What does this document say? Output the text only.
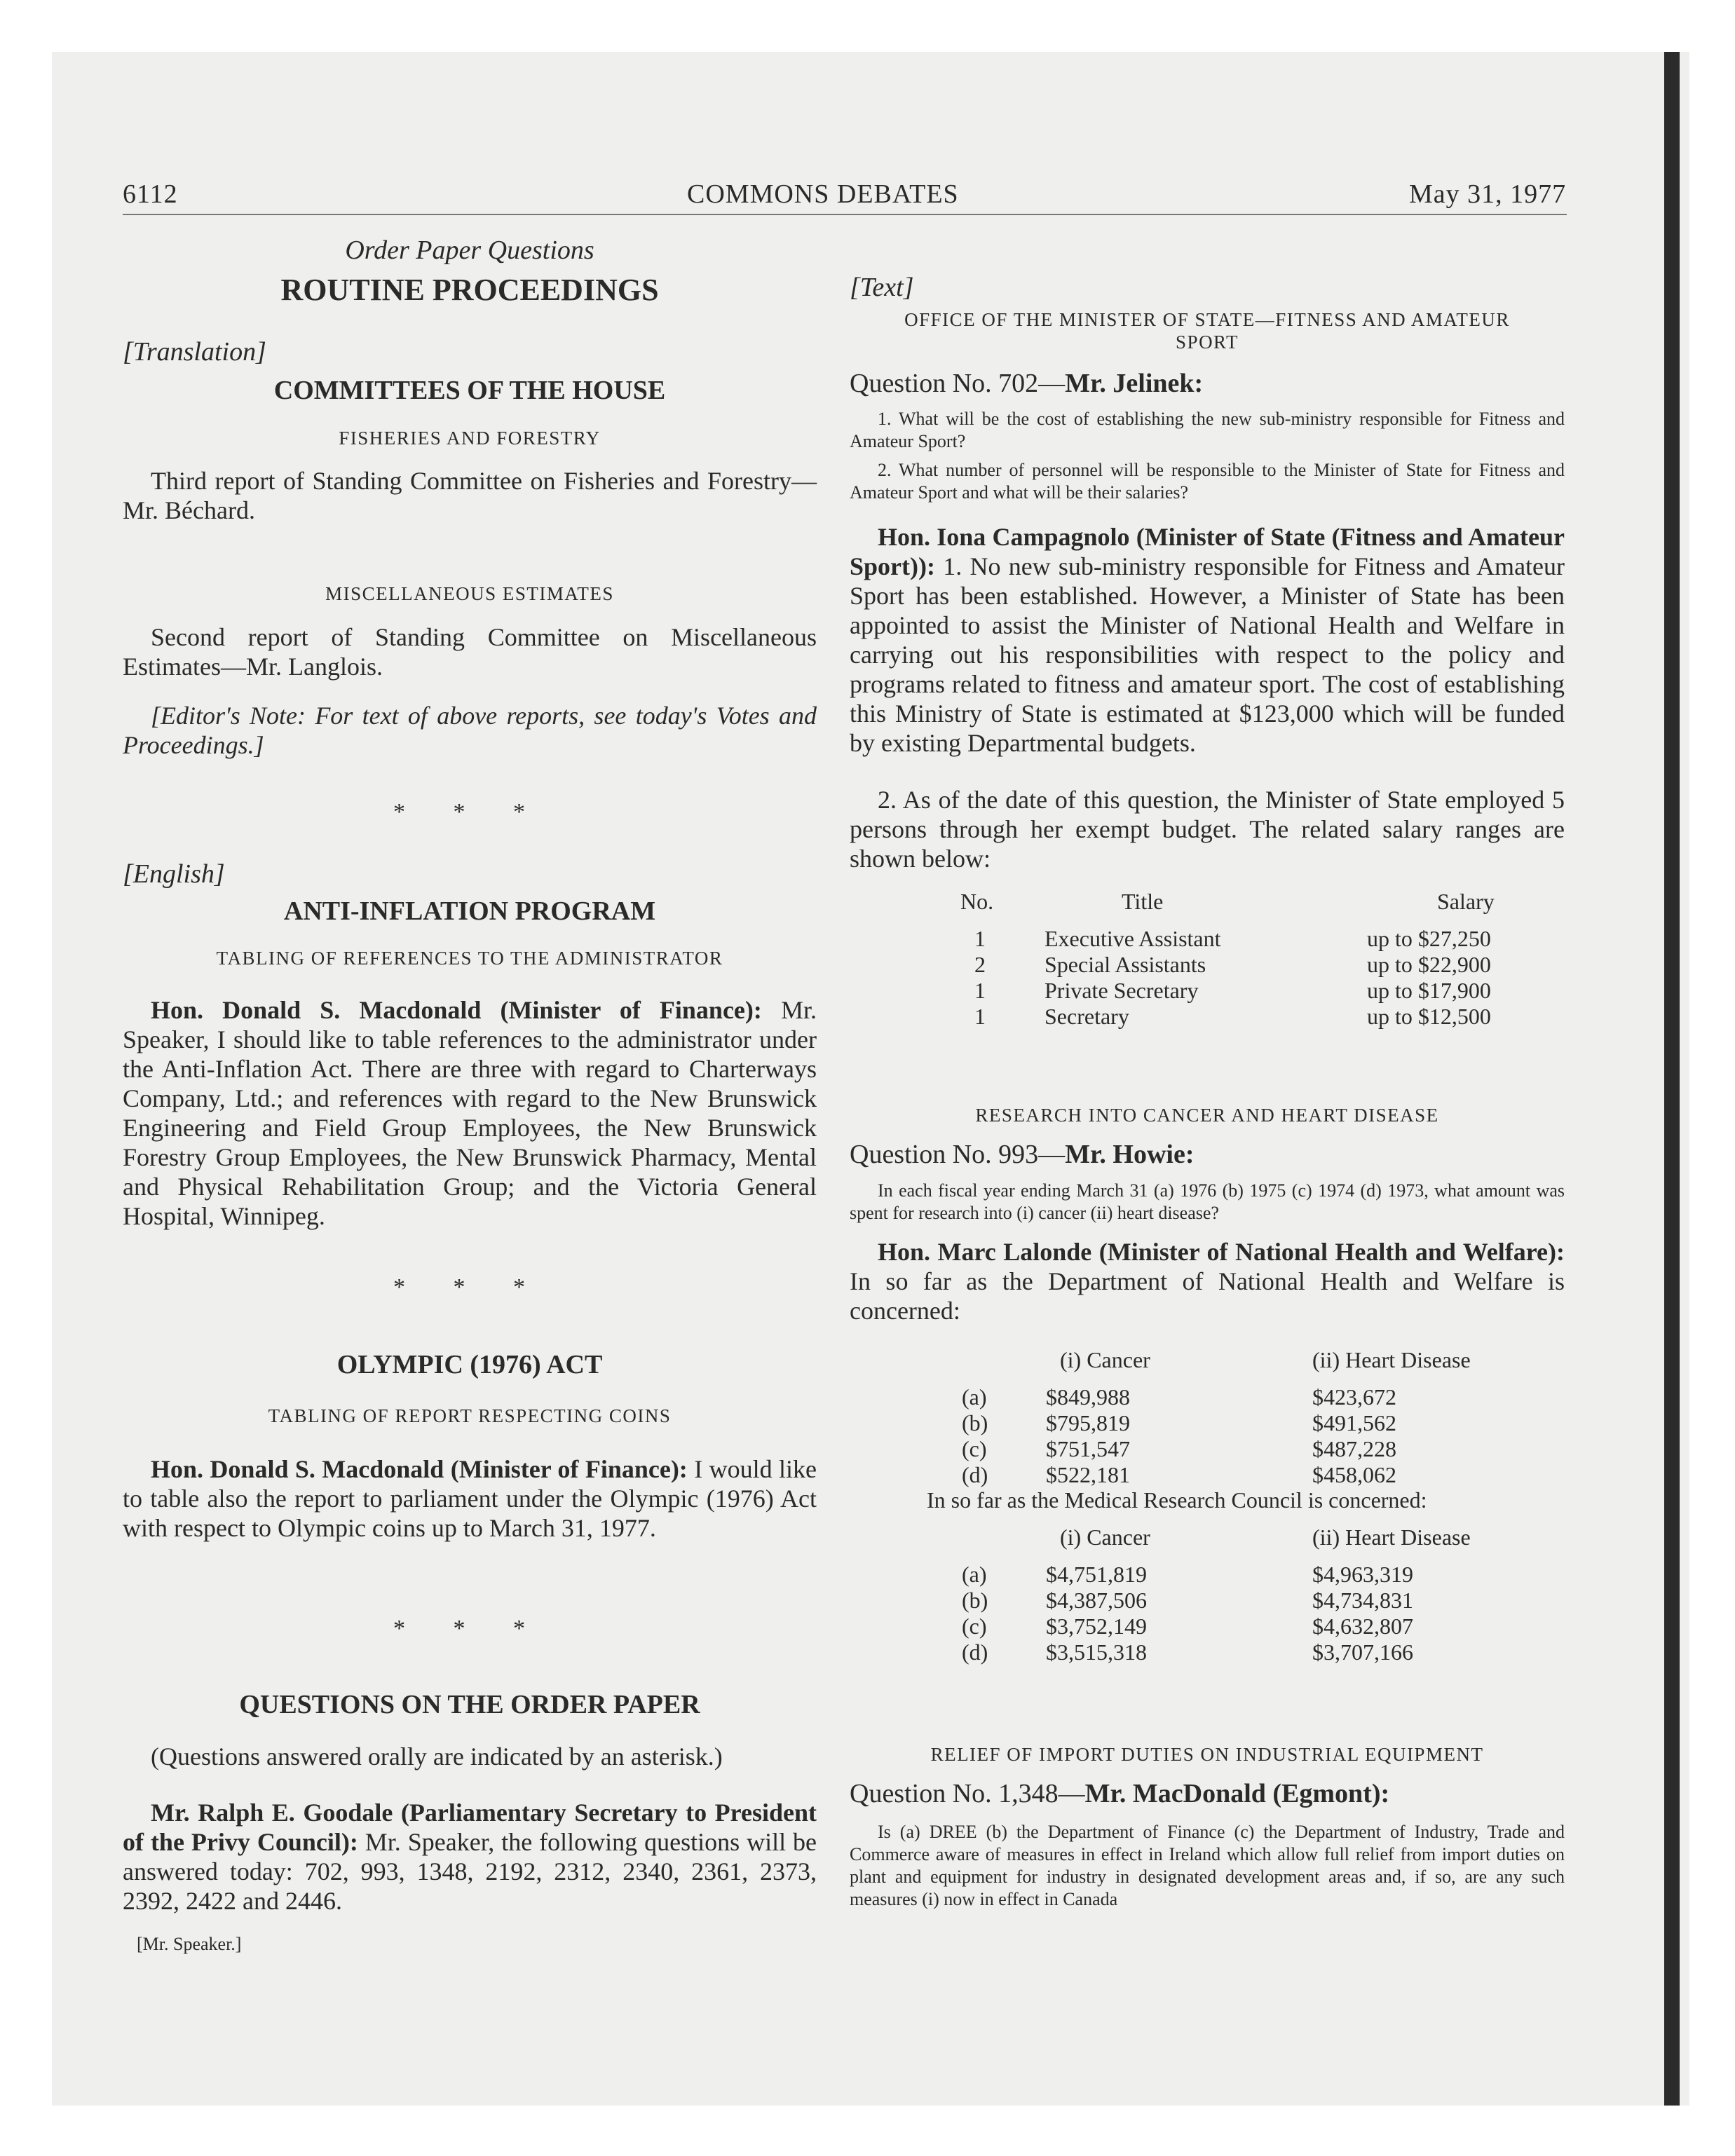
6112	COMMONS DEBATES	May 31, 1977
Order Paper Questions
ROUTINE PROCEEDINGS
[Translation]
COMMITTEES OF THE HOUSE
FISHERIES AND FORESTRY
Third report of Standing Committee on Fisheries and Forestry—Mr. Béchard.
MISCELLANEOUS ESTIMATES
Second report of Standing Committee on Miscellaneous Estimates—Mr. Langlois.
[Editor's Note: For text of above reports, see today's Votes and Proceedings.]
* * *
[English]
ANTI-INFLATION PROGRAM
TABLING OF REFERENCES TO THE ADMINISTRATOR
Hon. Donald S. Macdonald (Minister of Finance): Mr. Speaker, I should like to table references to the administrator under the Anti-Inflation Act. There are three with regard to Charterways Company, Ltd.; and references with regard to the New Brunswick Engineering and Field Group Employees, the New Brunswick Forestry Group Employees, the New Brunswick Pharmacy, Mental and Physical Rehabilitation Group; and the Victoria General Hospital, Winnipeg.
* * *
OLYMPIC (1976) ACT
TABLING OF REPORT RESPECTING COINS
Hon. Donald S. Macdonald (Minister of Finance): I would like to table also the report to parliament under the Olympic (1976) Act with respect to Olympic coins up to March 31, 1977.
* * *
QUESTIONS ON THE ORDER PAPER
(Questions answered orally are indicated by an asterisk.)
Mr. Ralph E. Goodale (Parliamentary Secretary to President of the Privy Council): Mr. Speaker, the following questions will be answered today: 702, 993, 1348, 2192, 2312, 2340, 2361, 2373, 2392, 2422 and 2446.
[Mr. Speaker.]
[Text]
OFFICE OF THE MINISTER OF STATE—FITNESS AND AMATEUR SPORT
Question No. 702—Mr. Jelinek:
1. What will be the cost of establishing the new sub-ministry responsible for Fitness and Amateur Sport?
2. What number of personnel will be responsible to the Minister of State for Fitness and Amateur Sport and what will be their salaries?
Hon. Iona Campagnolo (Minister of State (Fitness and Amateur Sport)): 1. No new sub-ministry responsible for Fitness and Amateur Sport has been established. However, a Minister of State has been appointed to assist the Minister of National Health and Welfare in carrying out his responsibilities with respect to the policy and programs related to fitness and amateur sport. The cost of establishing this Ministry of State is estimated at $123,000 which will be funded by existing Departmental budgets.
2. As of the date of this question, the Minister of State employed 5 persons through her exempt budget. The related salary ranges are shown below:
No.	Title	Salary

1	Executive Assistant	up to $27,250
2	Special Assistants	up to $22,900
1	Private Secretary	up to $17,900
1	Secretary	up to $12,500
RESEARCH INTO CANCER AND HEART DISEASE
Question No. 993—Mr. Howie:
In each fiscal year ending March 31 (a) 1976 (b) 1975 (c) 1974 (d) 1973, what amount was spent for research into (i) cancer (ii) heart disease?
Hon. Marc Lalonde (Minister of National Health and Welfare): In so far as the Department of National Health and Welfare is concerned:
	(i) Cancer	(ii) Heart Disease

(a)	$849,988	$423,672
(b)	$795,819	$491,562
(c)	$751,547	$487,228
(d)	$522,181	$458,062
In so far as the Medical Research Council is concerned:
	(i) Cancer	(ii) Heart Disease

(a)	$4,751,819	$4,963,319
(b)	$4,387,506	$4,734,831
(c)	$3,752,149	$4,632,807
(d)	$3,515,318	$3,707,166
RELIEF OF IMPORT DUTIES ON INDUSTRIAL EQUIPMENT
Question No. 1,348—Mr. MacDonald (Egmont):
Is (a) DREE (b) the Department of Finance (c) the Department of Industry, Trade and Commerce aware of measures in effect in Ireland which allow full relief from import duties on plant and equipment for industry in designated development areas and, if so, are any such measures (i) now in effect in Canada
